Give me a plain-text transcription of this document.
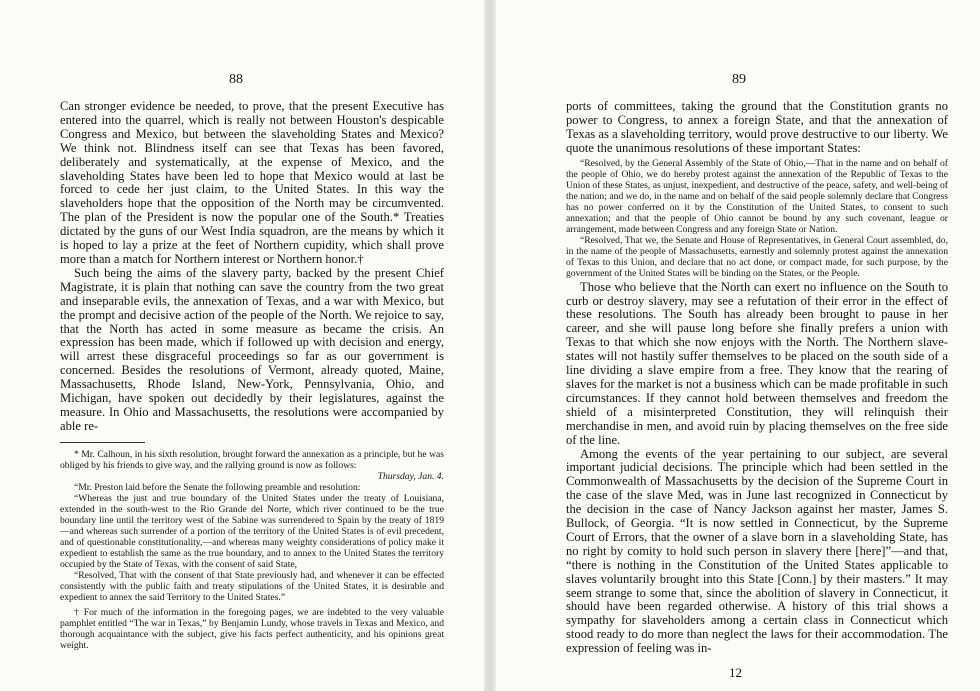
88

Can stronger evidence be needed, to prove, that the present Executive has entered into the quarrel, which is really not between Houston's despicable Congress and Mexico, but between the slaveholding States and Mexico? We think not. Blindness itself can see that Texas has been favored, deliberately and systematically, at the expense of Mexico, and the slaveholding States have been led to hope that Mexico would at last be forced to cede her just claim, to the United States. In this way the slaveholders hope that the opposition of the North may be circumvented. The plan of the President is now the popular one of the South.* Treaties dictated by the guns of our West India squadron, are the means by which it is hoped to lay a prize at the feet of Northern cupidity, which shall prove more than a match for Northern interest or Northern honor.†

Such being the aims of the slavery party, backed by the present Chief Magistrate, it is plain that nothing can save the country from the two great and inseparable evils, the annexation of Texas, and a war with Mexico, but the prompt and decisive action of the people of the North. We rejoice to say, that the North has acted in some measure as became the crisis. An expression has been made, which if followed up with decision and energy, will arrest these disgraceful proceedings so far as our government is concerned. Besides the resolutions of Vermont, already quoted, Maine, Massachusetts, Rhode Island, New-York, Pennsylvania, Ohio, and Michigan, have spoken out decidedly by their legislatures, against the measure. In Ohio and Massachusetts, the resolutions were accompanied by able re-

* Mr. Calhoun, in his sixth resolution, brought forward the annexation as a principle, but he was obliged by his friends to give way, and the rallying ground is now as follows:

Thursday, Jan. 4.

“Mr. Preston laid before the Senate the following preamble and resolution:

“Whereas the just and true boundary of the United States under the treaty of Louisiana, extended in the south-west to the Rio Grande del Norte, which river continued to be the true boundary line until the territory west of the Sabine was surrendered to Spain by the treaty of 1819—and whereas such surrender of a portion of the territory of the United States is of evil precedent, and of questionable constitutionality,—and whereas many weighty considerations of policy make it expedient to establish the same as the true boundary, and to annex to the United States the territory occupied by the State of Texas, with the consent of said State,

“Resolved, That with the consent of that State previously had, and whenever it can be effected consistently with the public faith and treaty stipulations of the United States, it is desirable and expedient to annex the said Territory to the United States.”

† For much of the information in the foregoing pages, we are indebted to the very valuable pamphlet entitled “The war in Texas,” by Benjamin Lundy, whose travels in Texas and Mexico, and thorough acquaintance with the subject, give his facts perfect authenticity, and his opinions great weight.

89

ports of committees, taking the ground that the Constitution grants no power to Congress, to annex a foreign State, and that the annexation of Texas as a slaveholding territory, would prove destructive to our liberty. We quote the unanimous resolutions of these important States:

“Resolved, by the General Assembly of the State of Ohio,—That in the name and on behalf of the people of Ohio, we do hereby protest against the annexation of the Republic of Texas to the Union of these States, as unjust, inexpedient, and destructive of the peace, safety, and well-being of the nation; and we do, in the name and on behalf of the said people solemnly declare that Congress has no power conferred on it by the Constitution of the United States, to consent to such annexation; and that the people of Ohio cannot be bound by any such covenant, league or arrangement, made between Congress and any foreign State or Nation.

“Resolved, That we, the Senate and House of Representatives, in General Court assembled, do, in the name of the people of Massachusetts, earnestly and solemnly protest against the annexation of Texas to this Union, and declare that no act done, or compact made, for such purpose, by the government of the United States will be binding on the States, or the People.

Those who believe that the North can exert no influence on the South to curb or destroy slavery, may see a refutation of their error in the effect of these resolutions. The South has already been brought to pause in her career, and she will pause long before she finally prefers a union with Texas to that which she now enjoys with the North. The Northern slave-states will not hastily suffer themselves to be placed on the south side of a line dividing a slave empire from a free. They know that the rearing of slaves for the market is not a business which can be made profitable in such circumstances. If they cannot hold between themselves and freedom the shield of a misinterpreted Constitution, they will relinquish their merchandise in men, and avoid ruin by placing themselves on the free side of the line.

Among the events of the year pertaining to our subject, are several important judicial decisions. The principle which had been settled in the Commonwealth of Massachusetts by the decision of the Supreme Court in the case of the slave Med, was in June last recognized in Connecticut by the decision in the case of Nancy Jackson against her master, James S. Bullock, of Georgia. “It is now settled in Connecticut, by the Supreme Court of Errors, that the owner of a slave born in a slaveholding State, has no right by comity to hold such person in slavery there [here]”—and that, “there is nothing in the Constitution of the United States applicable to slaves voluntarily brought into this State [Conn.] by their masters.” It may seem strange to some that, since the abolition of slavery in Connecticut, it should have been regarded otherwise. A history of this trial shows a sympathy for slaveholders among a certain class in Connecticut which stood ready to do more than neglect the laws for their accommodation. The expression of feeling was in-

12
